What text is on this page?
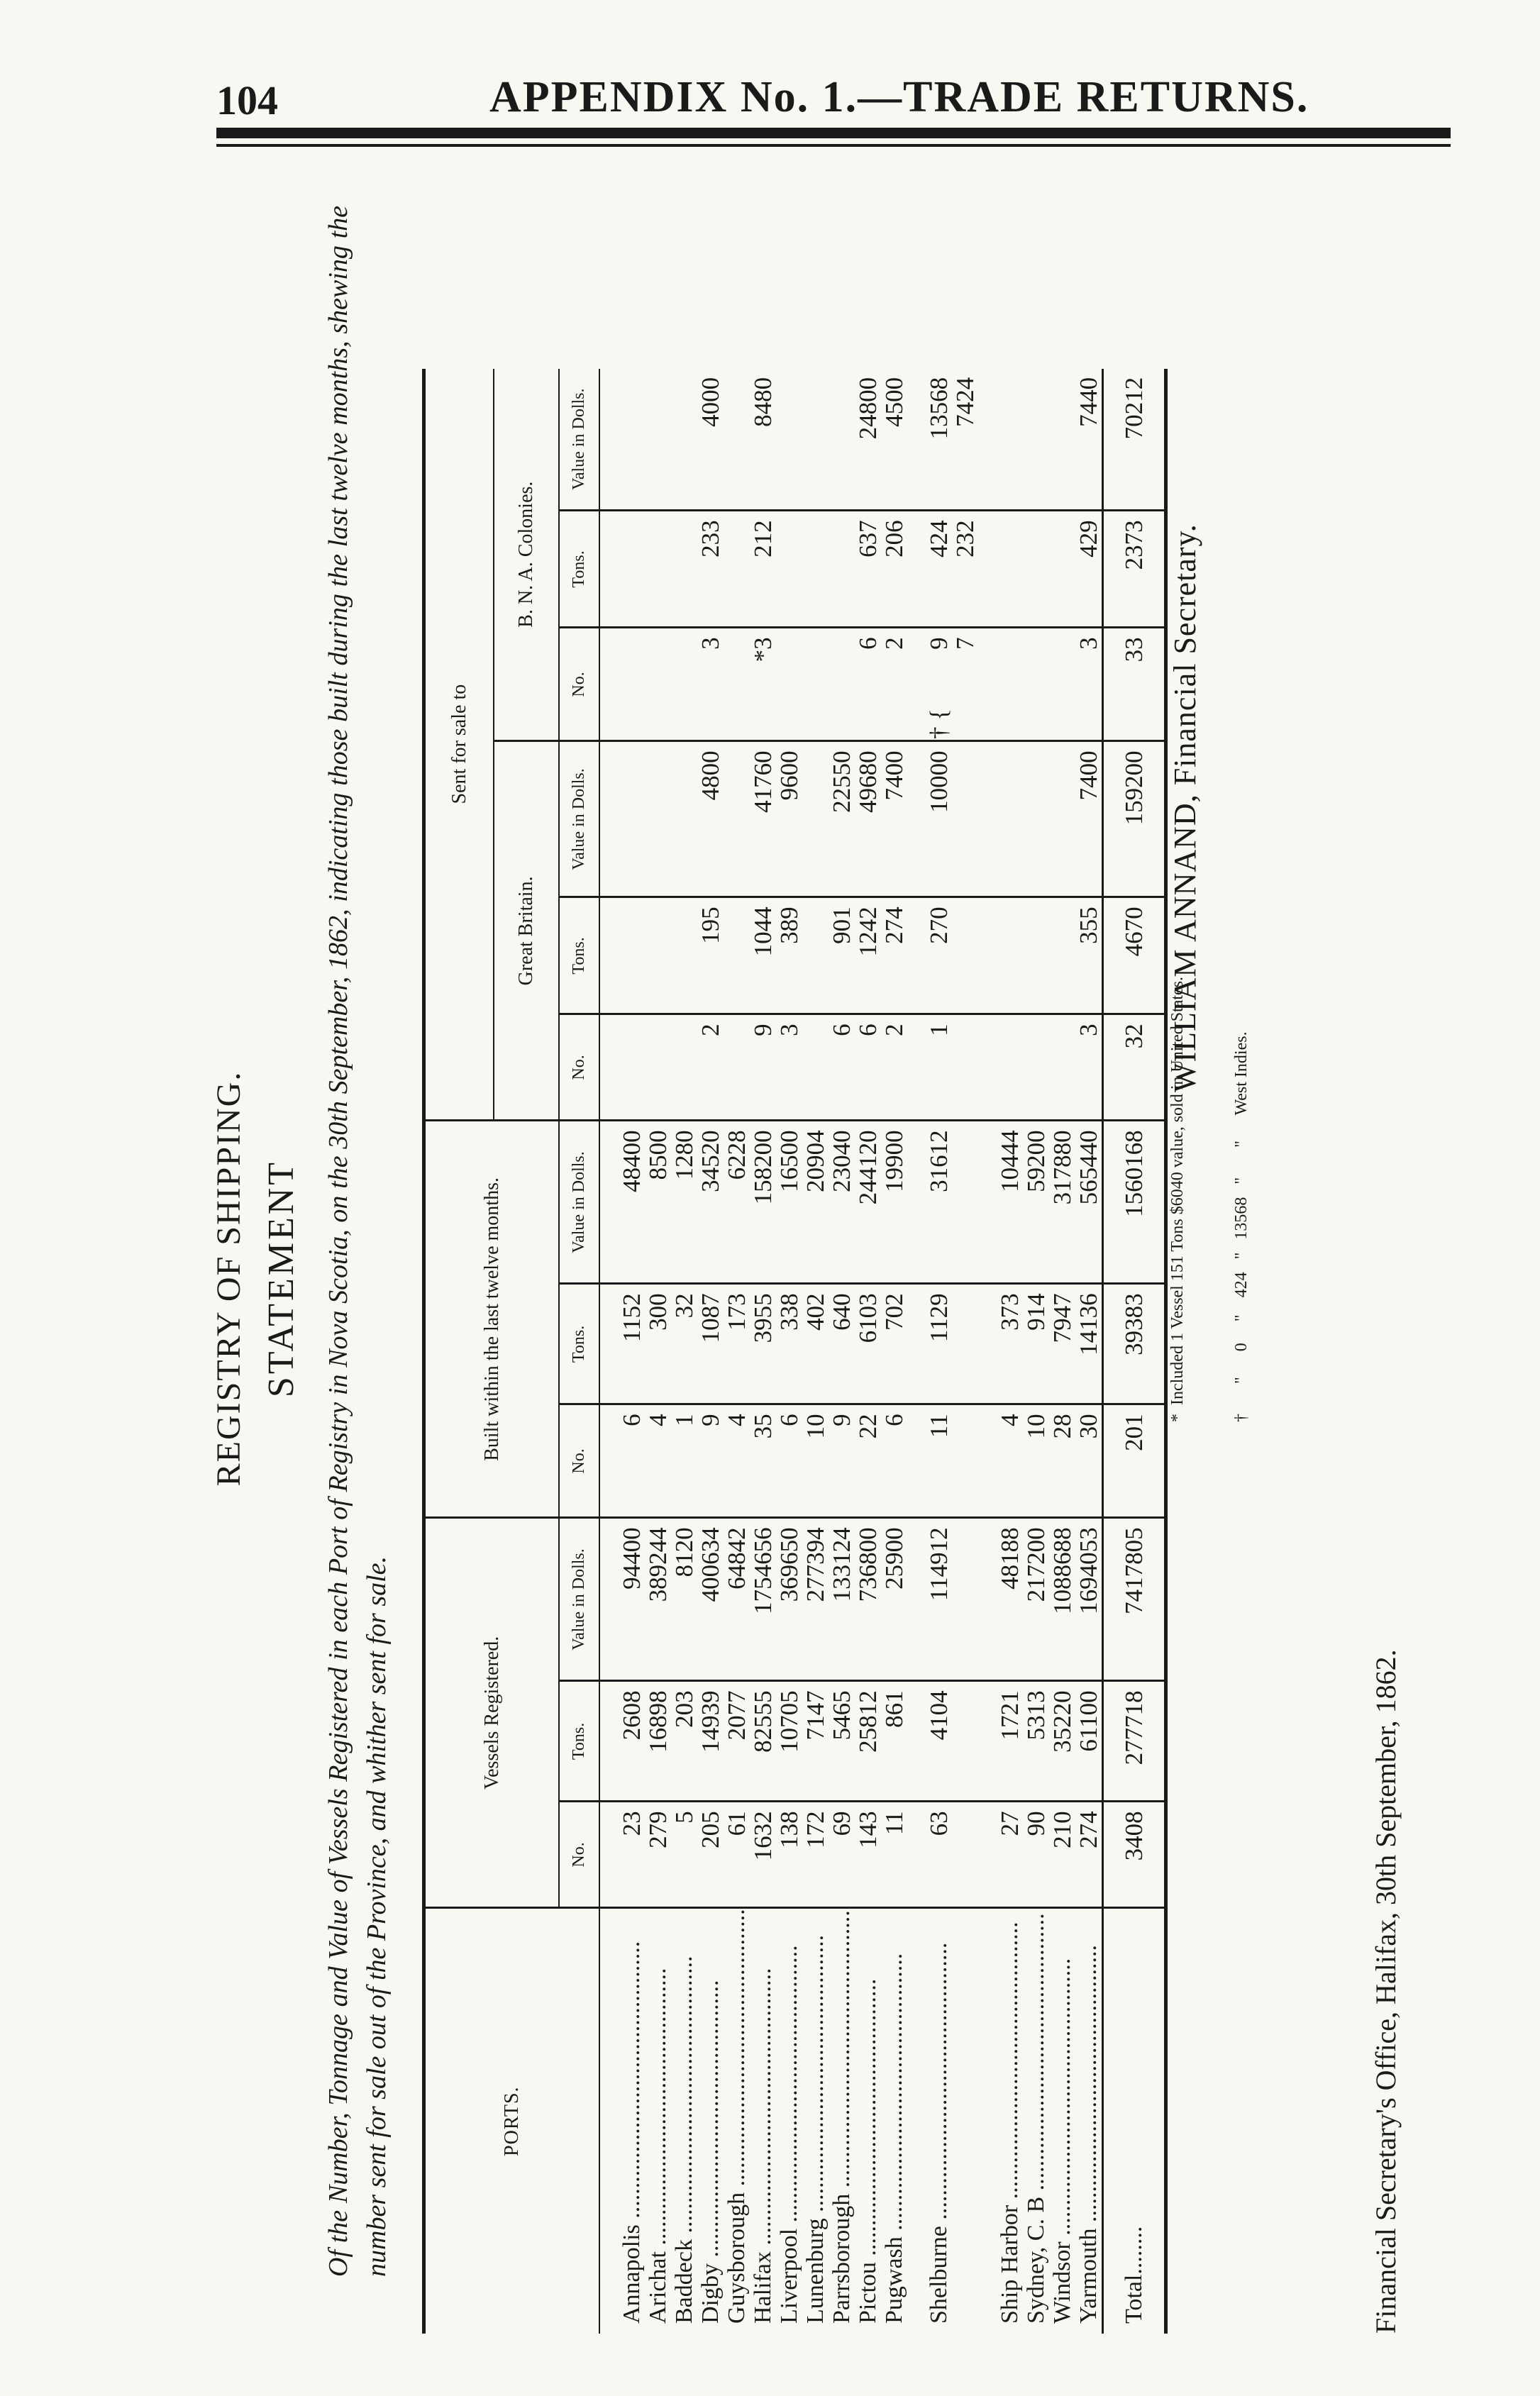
104	APPENDIX No. 1.—TRADE RETURNS.
REGISTRY OF SHIPPING. STATEMENT Of the Number, Tonnage and Value of Vessels Registered in each Port of Registry in Nova Scotia, on the 30th September, 1862, indicating those built during the last twelve months, shewing the number sent for sale out of the Province, and whither sent for sale.	PORTS.	Vessels Registered.			Built within the last twelve months.			Sent for sale to						
							Great Britain.			B. N. A. Colonies.			
	No.	Tons.	Value in Dolls.	No.	Tons.	Value in Dolls.	No.	Tons.	Value in Dolls.	No.		Tons.	Value in Dolls.

Annapolis ..............................................	23	2608	94400	6	1152	48400							
Arichat ..............................................	279	16898	389244	4	300	8500							
Baddeck ..............................................	5	203	8120	1	32	1280							
Digby ..............................................	205	14939	400634	9	1087	34520	2	195	4800		3	233	4000
Guysborough ..............................................	61	2077	64842	4	173	6228							
Halifax ..............................................	1632	82555	1754656	35	3955	158200	9	1044	41760		*3	212	8480
Liverpool ..............................................	138	10705	369650	6	338	16500	3	389	9600				
Lunenburg ..............................................	172	7147	277394	10	402	20904							
Parrsborough ..............................................	69	5465	133124	9	640	23040	6	901	22550				
Pictou ..............................................	143	25812	736800	22	6103	244120	6	1242	49680		6	637	24800
Pugwash ..............................................	11	861	25900	6	702	19900	2	274	7400		2	206	4500

Shelburne ..............................................	63	4104	114912	11	1129	31612	1	270	10000	† {	9	424	13568
											7	232	7424

Ship Harbor ..............................................	27	1721	48188	4	373	10444							
Sydney, C. B ..............................................	90	5313	217200	10	914	59200							
Windsor ..............................................	210	35220	1088688	28	7947	317880							
Yarmouth ..............................................	274	61100	1694053	30	14136	565440	3	355	7400		3	429	7440
Total........	3408	277718	7417805	201	39383	1560168	32	4670	159200	33		2373	70212

*  Included 1 Vessel 151 Tons $6040 value, sold in United States.

	†       "      0     "    424   "   13568   "       "      West Indies.

WILLIAM ANNAND, Financial Secretary.
Financial Secretary's Office, Halifax, 30th September, 1862.
